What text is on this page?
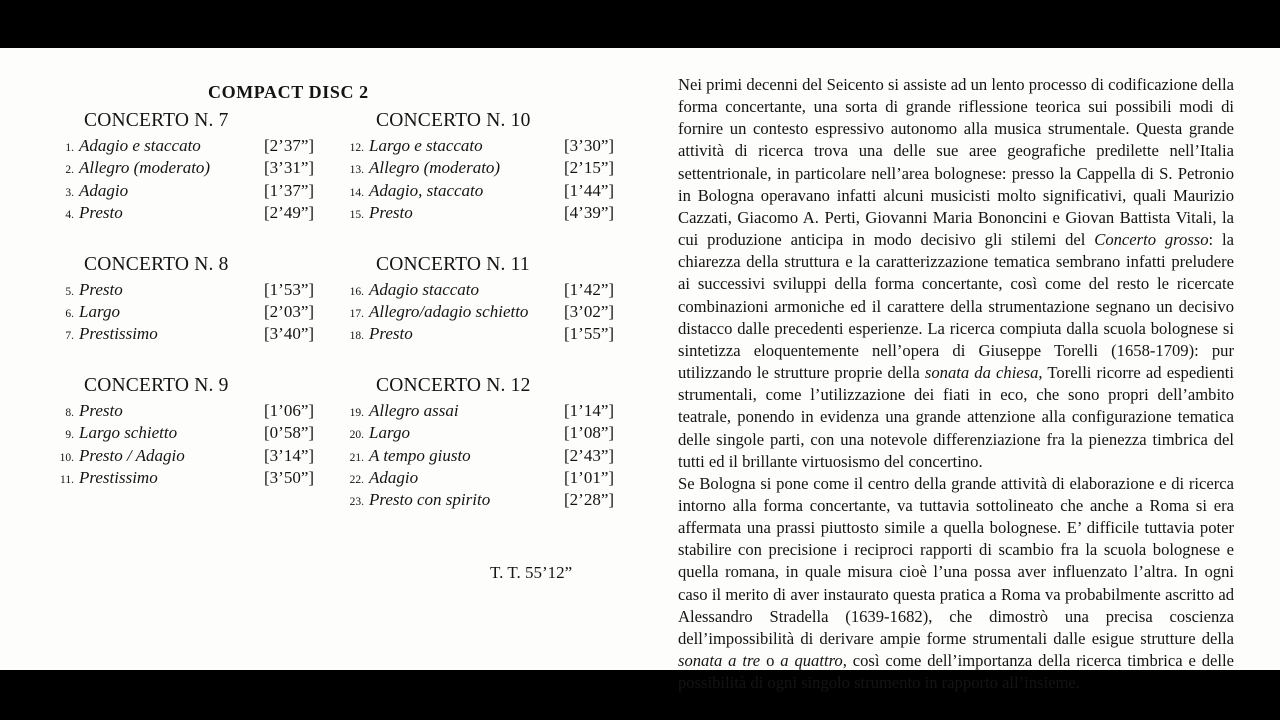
COMPACT DISC 2
CONCERTO N. 7
1. Adagio e staccato	[2’37”]
2. Allegro (moderato)	[3’31”]
3. Adagio	[1’37”]
4. Presto	[2’49”]
CONCERTO N. 10
12. Largo e staccato	[3’30”]
13. Allegro (moderato)	[2’15”]
14. Adagio, staccato	[1’44”]
15. Presto	[4’39”]
CONCERTO N. 8
5. Presto	[1’53”]
6. Largo	[2’03”]
7. Prestissimo	[3’40”]
CONCERTO N. 11
16. Adagio staccato	[1’42”]
17. Allegro/adagio schietto	[3’02”]
18. Presto	[1’55”]
CONCERTO N. 9
8. Presto	[1’06”]
9. Largo schietto	[0’58”]
10. Presto / Adagio	[3’14”]
11. Prestissimo	[3’50”]
CONCERTO N. 12
19. Allegro assai	[1’14”]
20. Largo	[1’08”]
21. A tempo giusto	[2’43”]
22. Adagio	[1’01”]
23. Presto con spirito	[2’28”]
T. T. 55’12”

Nei primi decenni del Seicento si assiste ad un lento processo di codificazione della forma concertante, una sorta di grande riflessione teorica sui possibili modi di fornire un contesto espressivo autonomo alla musica strumentale. Questa grande attività di ricerca trova una delle sue aree geografiche predilette nell’Italia settentrionale, in particolare nell’area bolognese: presso la Cappella di S. Petronio in Bologna operavano infatti alcuni musicisti molto significativi, quali Maurizio Cazzati, Giacomo A. Perti, Giovanni Maria Bononcini e Giovan Battista Vitali, la cui produzione anticipa in modo decisivo gli stilemi del Concerto grosso: la chiarezza della struttura e la caratterizzazione tematica sembrano infatti preludere ai successivi sviluppi della forma concertante, così come del resto le ricercate combinazioni armoniche ed il carattere della strumentazione segnano un decisivo distacco dalle precedenti esperienze. La ricerca compiuta dalla scuola bolognese si sintetizza eloquentemente nell’opera di Giuseppe Torelli (1658-1709): pur utilizzando le strutture proprie della sonata da chiesa, Torelli ricorre ad espedienti strumentali, come l’utilizzazione dei fiati in eco, che sono propri dell’ambito teatrale, ponendo in evidenza una grande attenzione alla configurazione tematica delle singole parti, con una notevole differenziazione fra la pienezza timbrica del tutti ed il brillante virtuosismo del concertino.

Se Bologna si pone come il centro della grande attività di elaborazione e di ricerca intorno alla forma concertante, va tuttavia sottolineato che anche a Roma si era affermata una prassi piuttosto simile a quella bolognese. E’ difficile tuttavia poter stabilire con precisione i reciproci rapporti di scambio fra la scuola bolognese e quella romana, in quale misura cioè l’una possa aver influenzato l’altra. In ogni caso il merito di aver instaurato questa pratica a Roma va probabilmente ascritto ad Alessandro Stradella (1639-1682), che dimostrò una precisa coscienza dell’impossibilità di derivare ampie forme strumentali dalle esigue strutture della sonata a tre o a quattro, così come dell’importanza della ricerca timbrica e delle possibilità di ogni singolo strumento in rapporto all’insieme.
